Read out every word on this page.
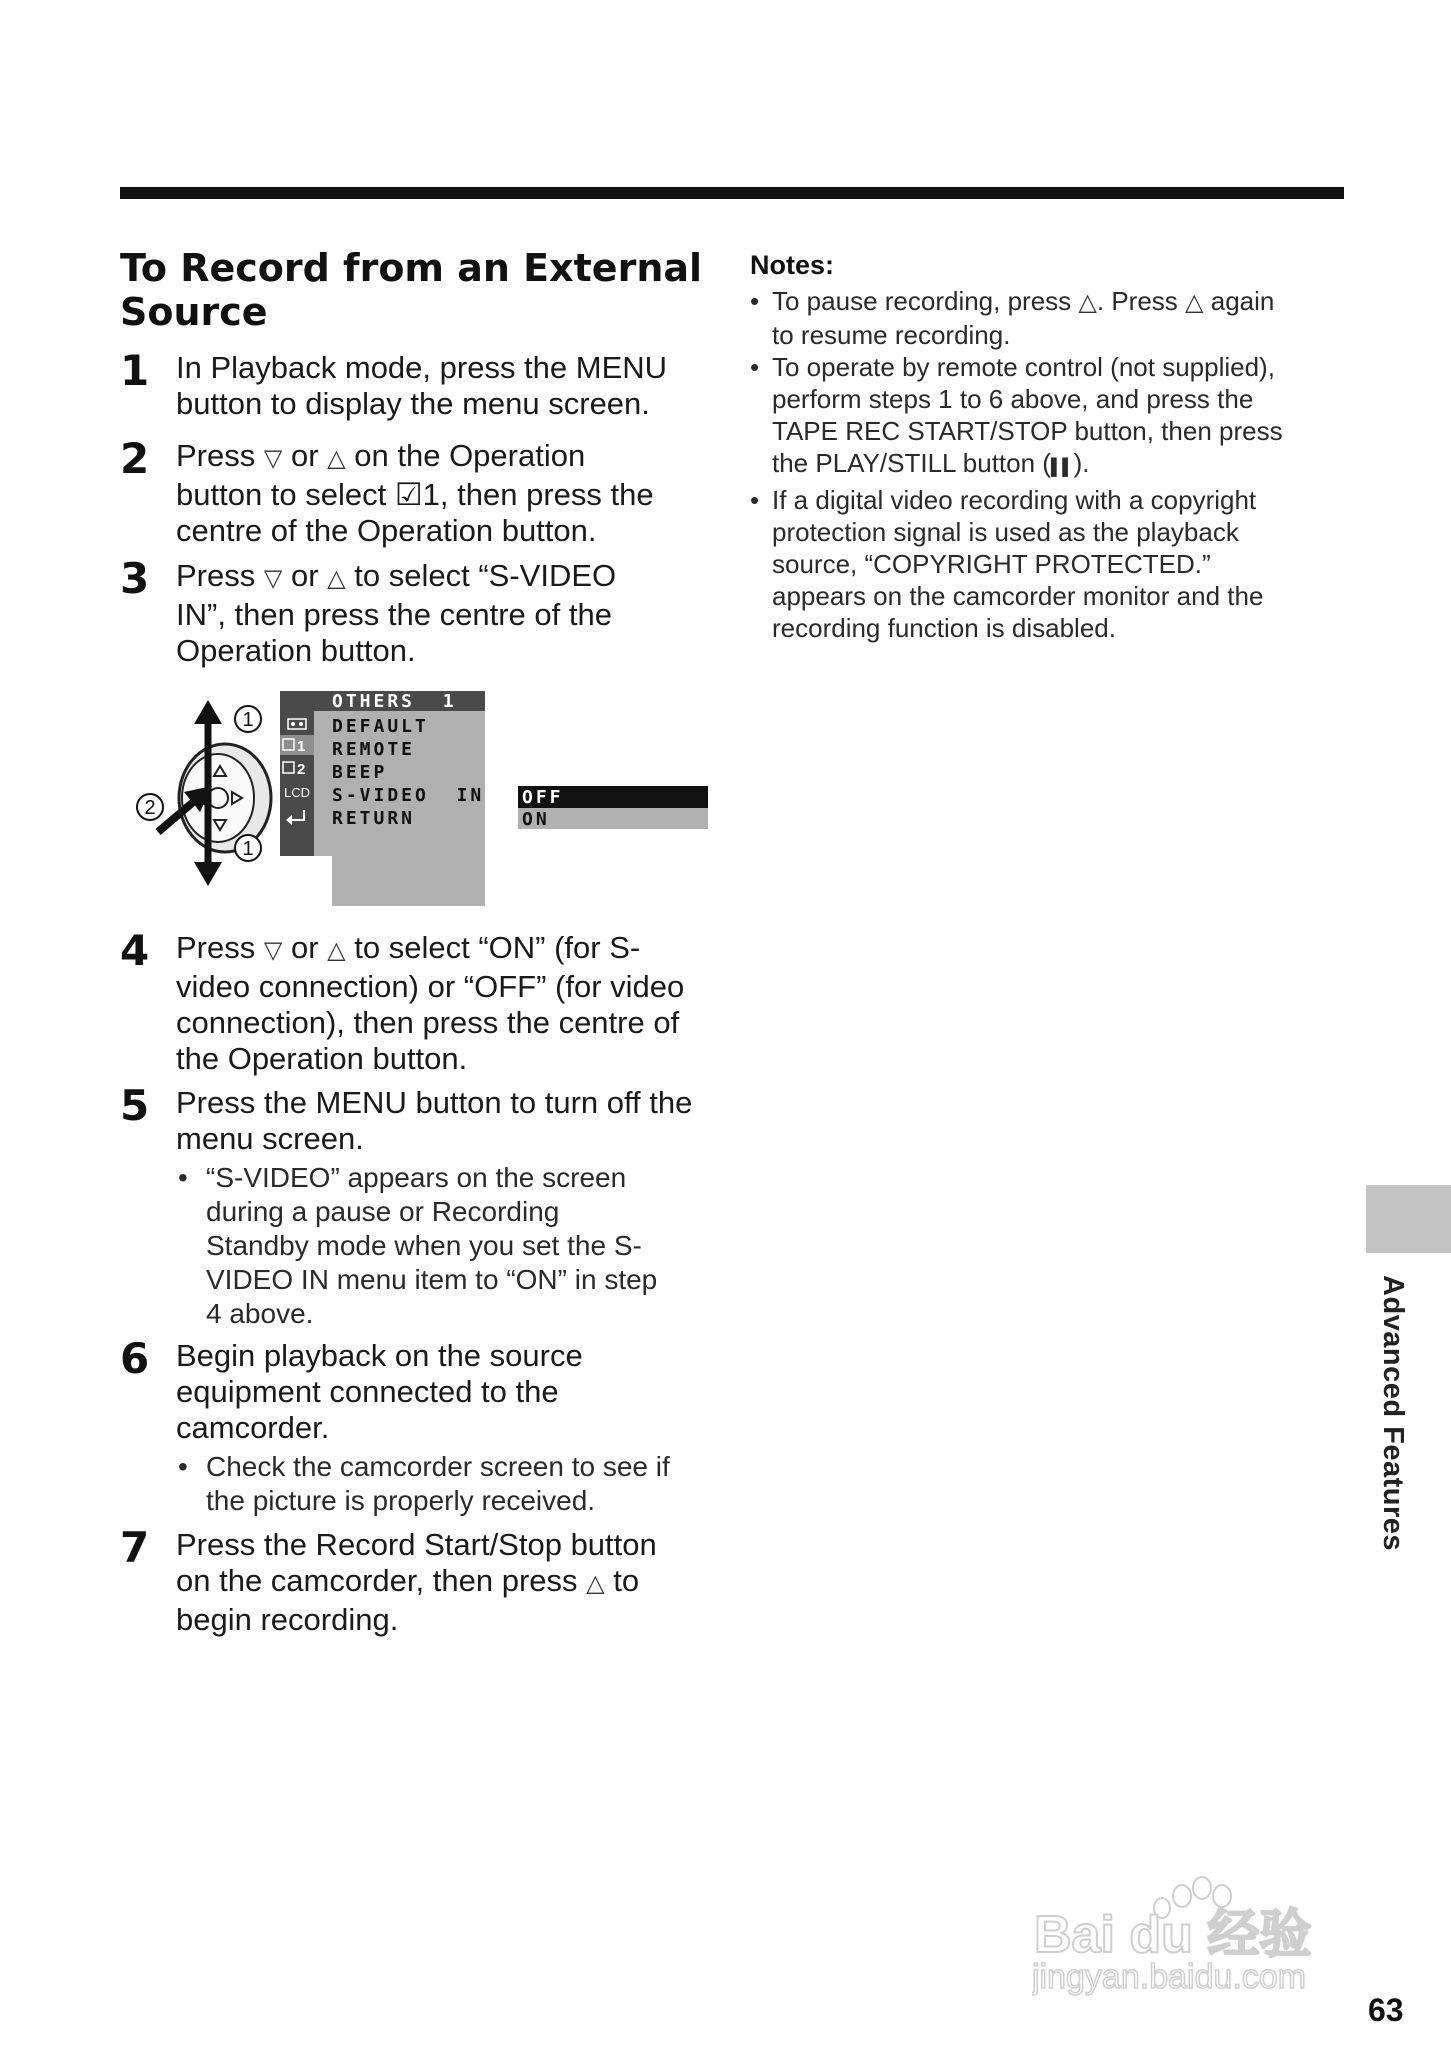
To Record from an External
Source
1 In Playback mode, press the MENU
button to display the menu screen.
2 Press ▽ or △ on the Operation
button to select ☑1, then press the
centre of the Operation button.
3 Press ▽ or △ to select “S-VIDEO
IN”, then press the centre of the
Operation button.
1
2
1
1
2
LCD
OTHERS  1
DEFAULT
REMOTE
BEEP
S-VIDEO  IN
RETURN
OFF
ON
4 Press ▽ or △ to select “ON” (for S-
video connection) or “OFF” (for video
connection), then press the centre of
the Operation button.
5 Press the MENU button to turn off the
menu screen.
• “S-VIDEO” appears on the screen
during a pause or Recording
Standby mode when you set the S-
VIDEO IN menu item to “ON” in step
4 above.
6 Begin playback on the source
equipment connected to the
camcorder.
• Check the camcorder screen to see if
the picture is properly received.
7 Press the Record Start/Stop button
on the camcorder, then press △ to
begin recording.
Notes:
• To pause recording, press △. Press △ again
to resume recording.
• To operate by remote control (not supplied),
perform steps 1 to 6 above, and press the
TAPE REC START/STOP button, then press
the PLAY/STILL button (▌▌).
• If a digital video recording with a copyright
protection signal is used as the playback
source, “COPYRIGHT PROTECTED.”
appears on the camcorder monitor and the
recording function is disabled.
Advanced Features
Bai du 经验
jingyan.baidu.com
63
